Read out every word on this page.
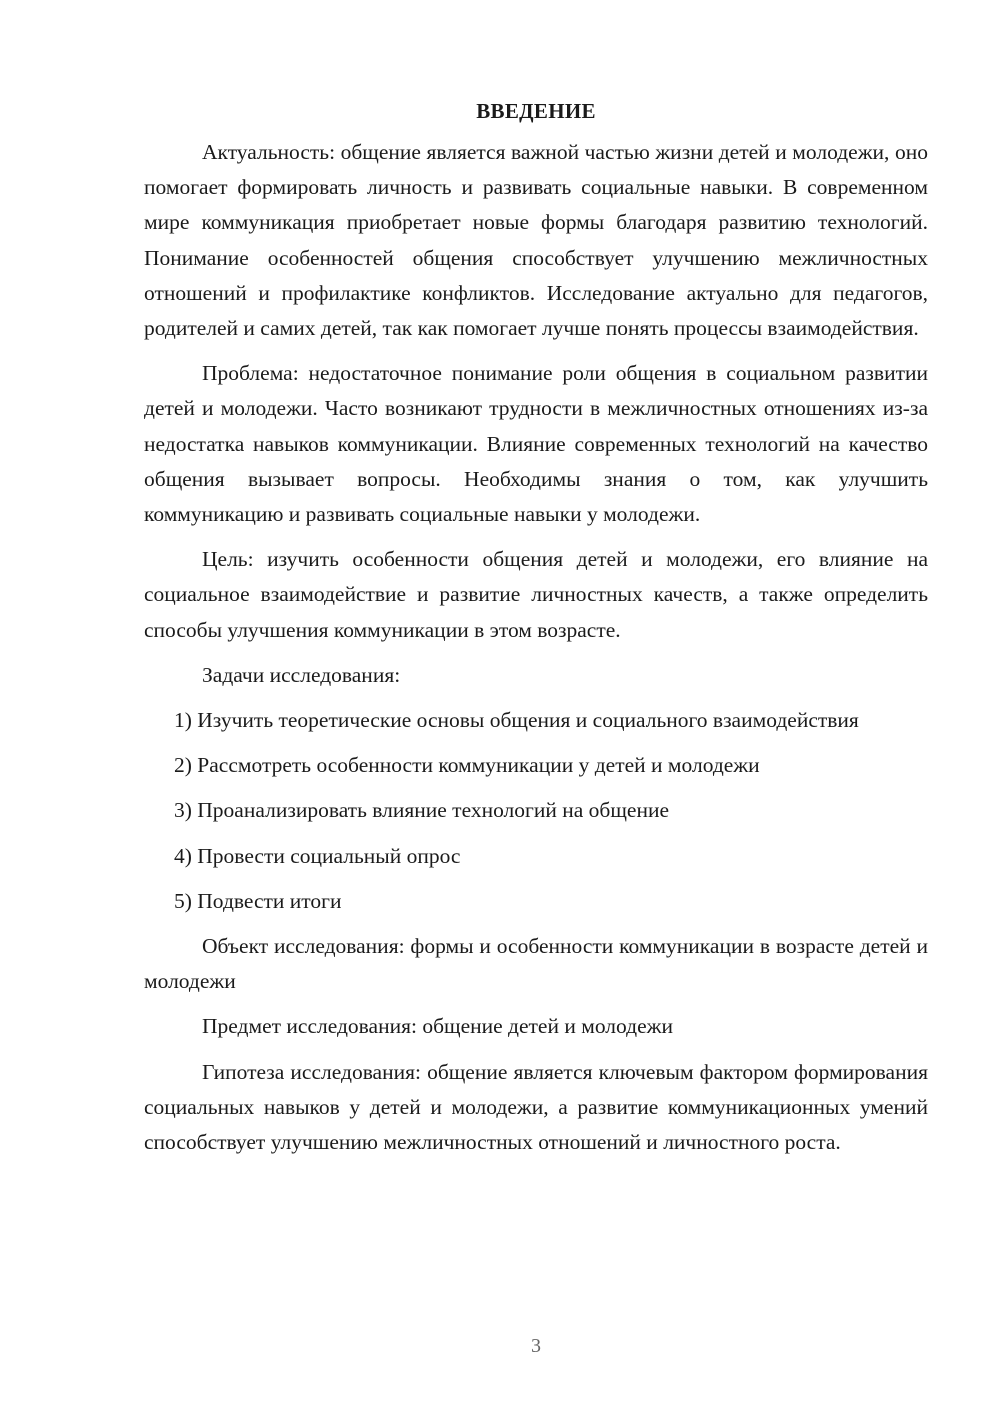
ВВЕДЕНИЕ

Актуальность: общение является важной частью жизни детей и молодежи, оно помогает формировать личность и развивать социальные навыки. В современном мире коммуникация приобретает новые формы благодаря развитию технологий. Понимание особенностей общения способствует улучшению межличностных отношений и профилактике конфликтов. Исследование актуально для педагогов, родителей и самих детей, так как помогает лучше понять процессы взаимодействия.

Проблема: недостаточное понимание роли общения в социальном развитии детей и молодежи. Часто возникают трудности в межличностных отношениях из-за недостатка навыков коммуникации. Влияние современных технологий на качество общения вызывает вопросы. Необходимы знания о том, как улучшить коммуникацию и развивать социальные навыки у молодежи.

Цель: изучить особенности общения детей и молодежи, его влияние на социальное взаимодействие и развитие личностных качеств, а также определить способы улучшения коммуникации в этом возрасте.

Задачи исследования:

1) Изучить теоретические основы общения и социального взаимодействия

2) Рассмотреть особенности коммуникации у детей и молодежи

3) Проанализировать влияние технологий на общение

4) Провести социальный опрос

5) Подвести итоги

Объект исследования: формы и особенности коммуникации в возрасте детей и молодежи

Предмет исследования: общение детей и молодежи

Гипотеза исследования: общение является ключевым фактором формирования социальных навыков у детей и молодежи, а развитие коммуникационных умений способствует улучшению межличностных отношений и личностного роста.

3
